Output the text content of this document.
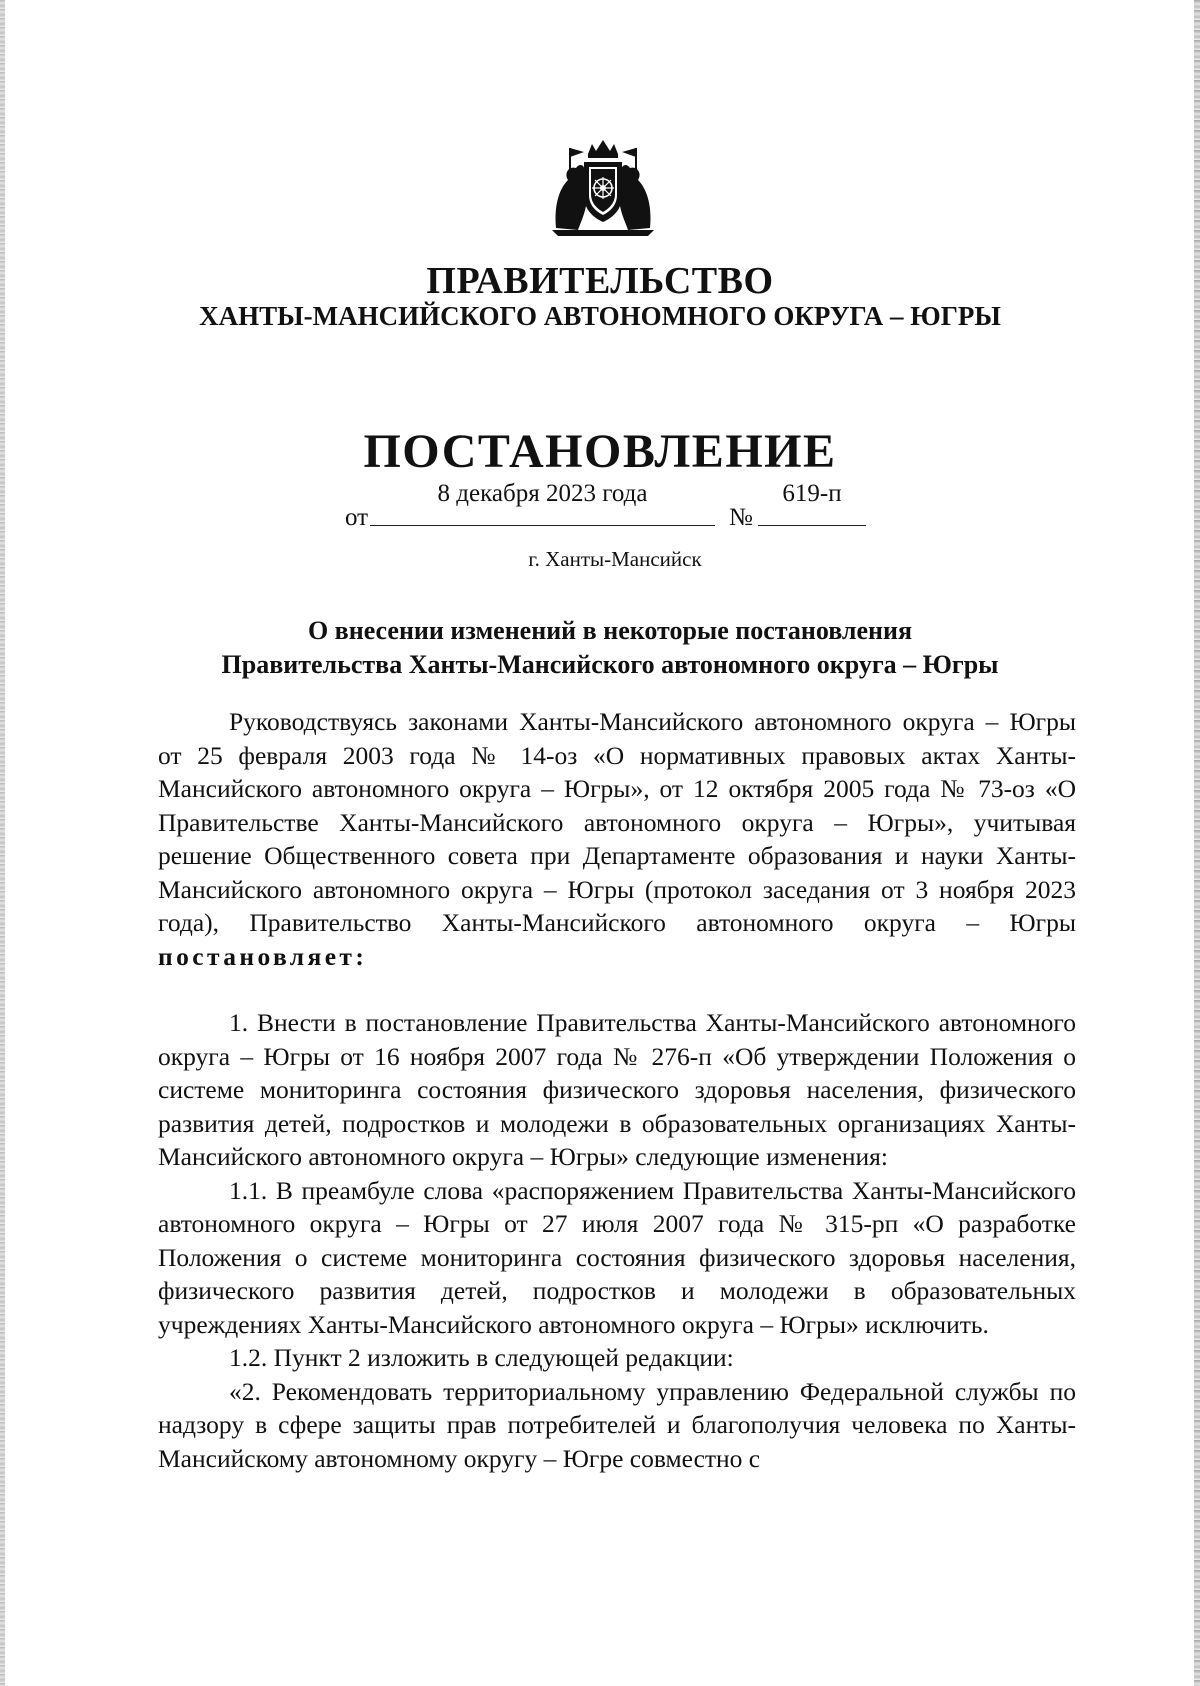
ПРАВИТЕЛЬСТВО
ХАНТЫ-МАНСИЙСКОГО АВТОНОМНОГО ОКРУГА – ЮГРЫ
ПОСТАНОВЛЕНИЕ
от
8 декабря 2023 года
№
619-п
г. Ханты-Мансийск
О внесении изменений в некоторые постановления
Правительства Ханты-Мансийского автономного округа – Югры

Руководствуясь законами Ханты-Мансийского автономного округа – Югры от 25 февраля 2003 года № 14-оз «О нормативных правовых актах Ханты-Мансийского автономного округа – Югры», от 12 октября 2005 года № 73-оз «О Правительстве Ханты-Мансийского автономного округа – Югры», учитывая решение Общественного совета при Департаменте образования и науки Ханты-Мансийского автономного округа – Югры (протокол заседания от 3 ноября 2023 года), Правительство Ханты-Мансийского автономного округа – Югры постановляет:

1. Внести в постановление Правительства Ханты-Мансийского автономного округа – Югры от 16 ноября 2007 года № 276-п «Об утверждении Положения о системе мониторинга состояния физического здоровья населения, физического развития детей, подростков и молодежи в образовательных организациях Ханты-Мансийского автономного округа – Югры» следующие изменения:

1.1. В преамбуле слова «распоряжением Правительства Ханты-Мансийского автономного округа – Югры от 27 июля 2007 года № 315-рп «О разработке Положения о системе мониторинга состояния физического здоровья населения, физического развития детей, подростков и молодежи в образовательных учреждениях Ханты-Мансийского автономного округа – Югры» исключить.

1.2. Пункт 2 изложить в следующей редакции:

«2. Рекомендовать территориальному управлению Федеральной службы по надзору в сфере защиты прав потребителей и благополучия человека по Ханты-Мансийскому автономному округу – Югре совместно с
